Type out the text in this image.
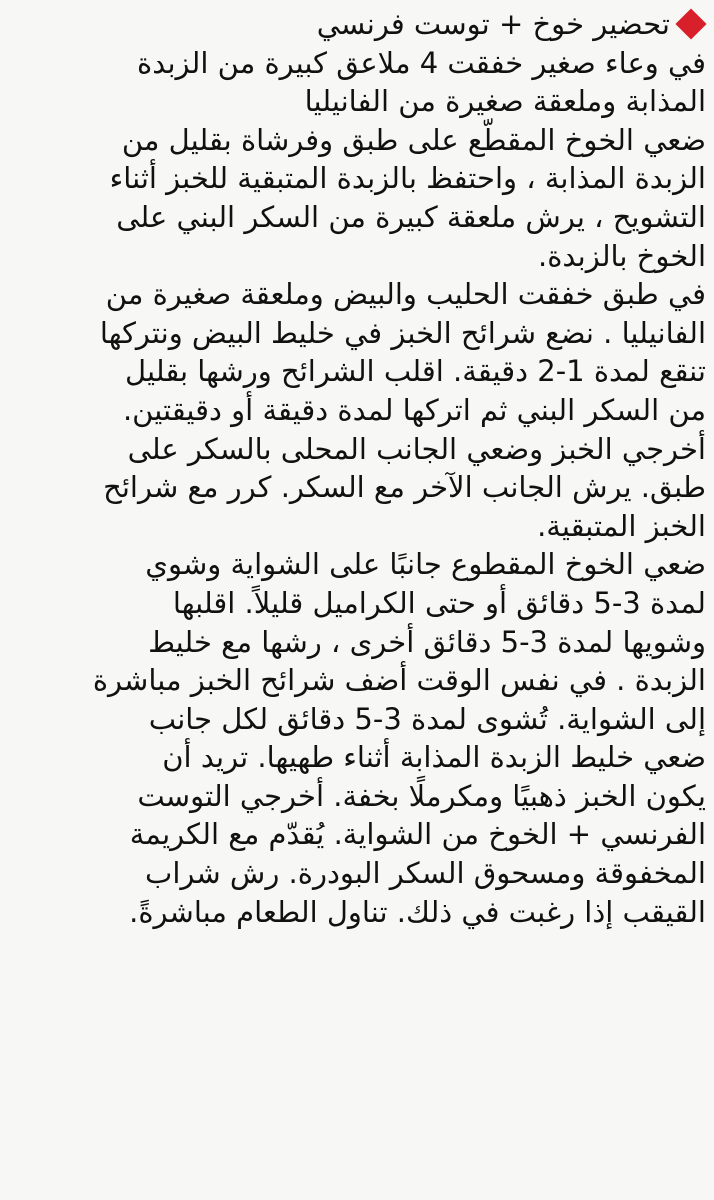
تحضير خوخ + توست فرنسي
في وعاء صغير خفقت 4 ملاعق كبيرة من الزبدة
المذابة وملعقة صغيرة من الفانيليا
ضعي الخوخ المقطّع على طبق وفرشاة بقليل من
الزبدة المذابة ، واحتفظ بالزبدة المتبقية للخبز أثناء
التشويح ، يرش ملعقة كبيرة من السكر البني على
الخوخ بالزبدة.
في طبق خفقت الحليب والبيض وملعقة صغيرة من
الفانيليا . نضع شرائح الخبز في خليط البيض ونتركها
تنقع لمدة 1-2 دقيقة. اقلب الشرائح ورشها بقليل
من السكر البني ثم اتركها لمدة دقيقة أو دقيقتين.
أخرجي الخبز وضعي الجانب المحلى بالسكر على
طبق. يرش الجانب الآخر مع السكر. كرر مع شرائح
الخبز المتبقية.
ضعي الخوخ المقطوع جانبًا على الشواية وشوي
لمدة 3-5 دقائق أو حتى الكراميل قليلاً. اقلبها
وشويها لمدة 3-5 دقائق أخرى ، رشها مع خليط
الزبدة . في نفس الوقت أضف شرائح الخبز مباشرة
إلى الشواية. تُشوى لمدة 3-5 دقائق لكل جانب
ضعي خليط الزبدة المذابة أثناء طهيها. تريد أن
يكون الخبز ذهبيًا ومكرملًا بخفة. أخرجي التوست
الفرنسي + الخوخ من الشواية. يُقدّم مع الكريمة
المخفوقة ومسحوق السكر البودرة. رش شراب
القيقب إذا رغبت في ذلك. تناول الطعام مباشرةً.
